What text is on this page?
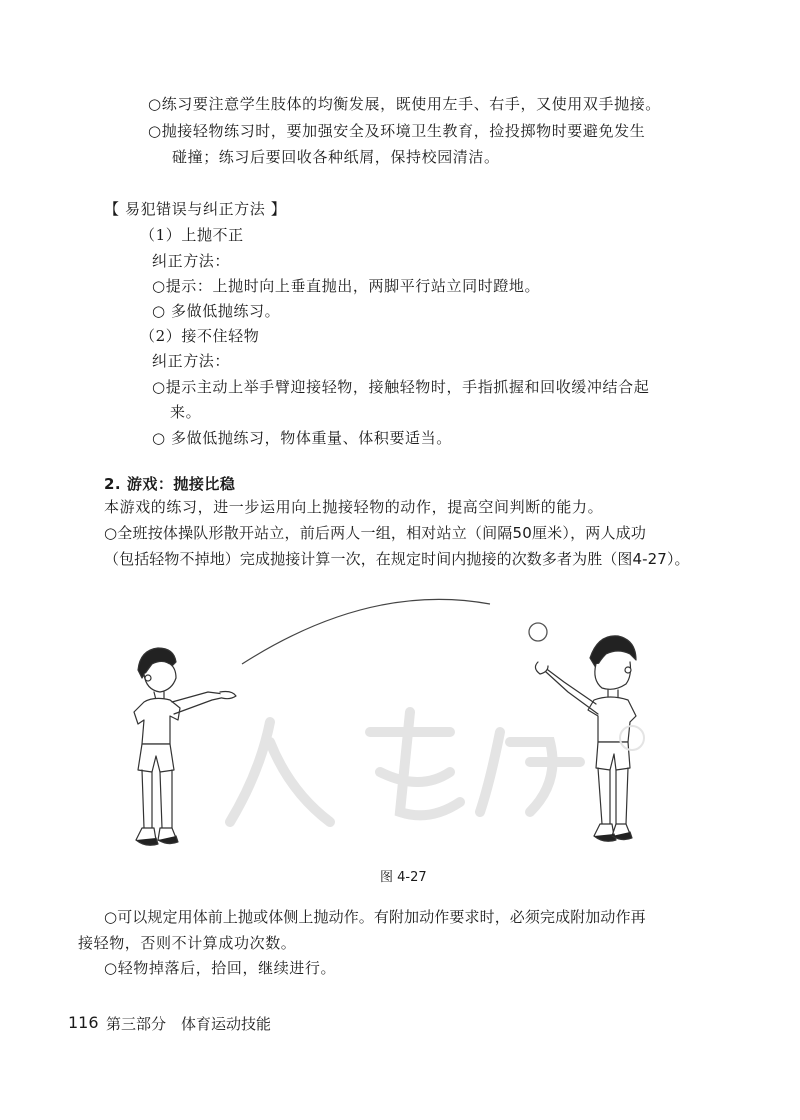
○练习要注意学生肢体的均衡发展，既使用左手、右手，又使用双手抛接。
○抛接轻物练习时，要加强安全及环境卫生教育，捡投掷物时要避免发生
碰撞；练习后要回收各种纸屑，保持校园清洁。
【 易犯错误与纠正方法 】
（1）上抛不正
纠正方法：
○提示：上抛时向上垂直抛出，两脚平行站立同时蹬地。
○ 多做低抛练习。
（2）接不住轻物
纠正方法：
○提示主动上举手臂迎接轻物，接触轻物时，手指抓握和回收缓冲结合起
来。
○ 多做低抛练习，物体重量、体积要适当。
2. 游戏：抛接比稳
本游戏的练习，进一步运用向上抛接轻物的动作，提高空间判断的能力。
○全班按体操队形散开站立，前后两人一组，相对站立（间隔50厘米），两人成功
（包括轻物不掉地）完成抛接计算一次，在规定时间内抛接的次数多者为胜（图4-27）。
图 4-27
○可以规定用体前上抛或体侧上抛动作。有附加动作要求时，必须完成附加动作再
接轻物，否则不计算成功次数。
○轻物掉落后，拾回，继续进行。
116 第三部分　体育运动技能
